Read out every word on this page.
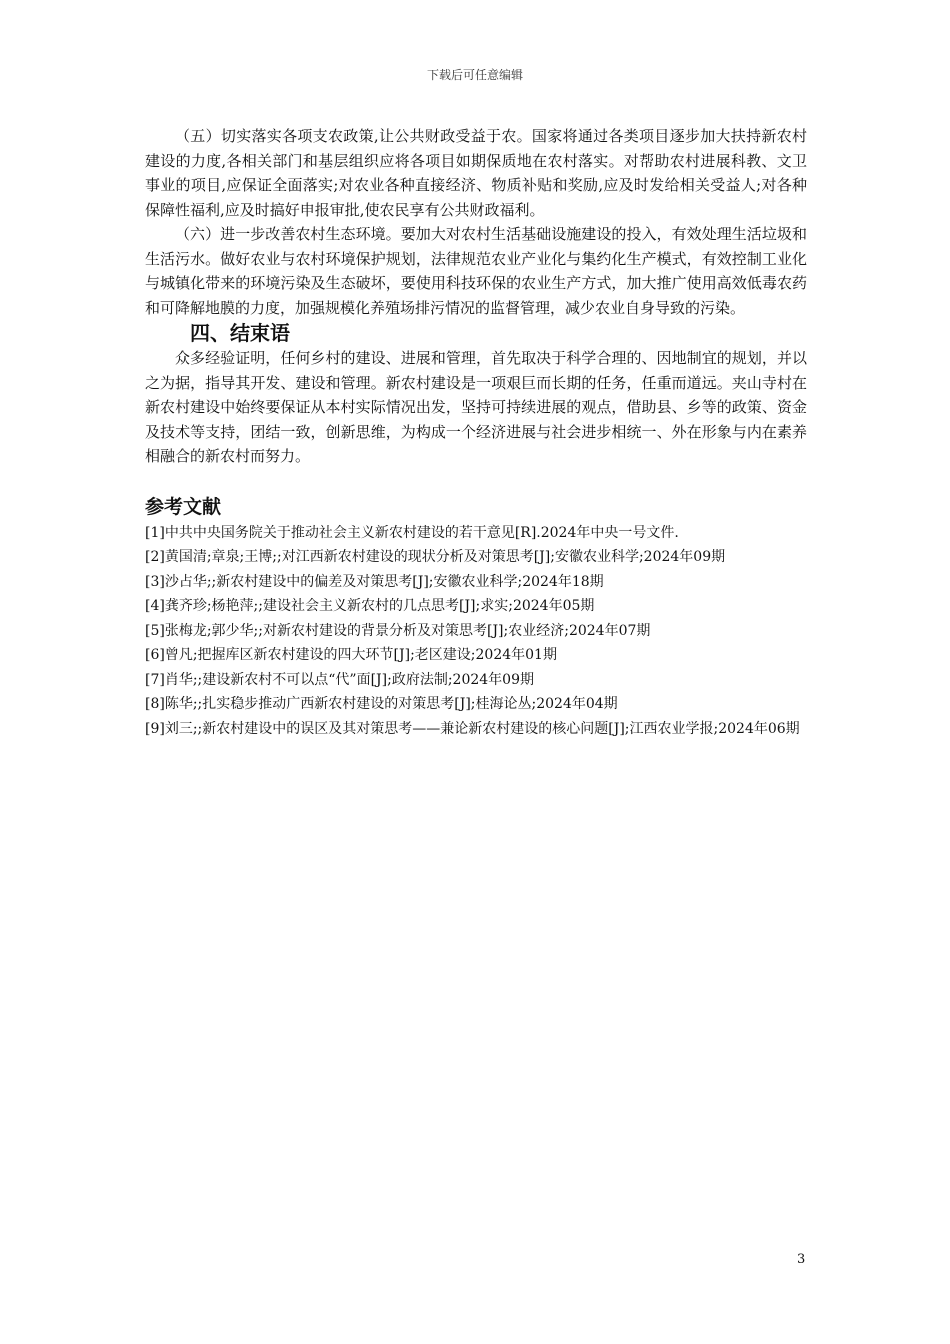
下载后可任意编辑

（五）切实落实各项支农政策,让公共财政受益于农。国家将通过各类项目逐步加大扶持新农村建设的力度,各相关部门和基层组织应将各项目如期保质地在农村落实。对帮助农村进展科教、文卫事业的项目,应保证全面落实;对农业各种直接经济、物质补贴和奖励,应及时发给相关受益人;对各种保障性福利,应及时搞好申报审批,使农民享有公共财政福利。

（六）进一步改善农村生态环境。要加大对农村生活基础设施建设的投入，有效处理生活垃圾和生活污水。做好农业与农村环境保护规划，法律规范农业产业化与集约化生产模式，有效控制工业化与城镇化带来的环境污染及生态破坏，要使用科技环保的农业生产方式，加大推广使用高效低毒农药和可降解地膜的力度，加强规模化养殖场排污情况的监督管理，减少农业自身导致的污染。

四、结束语

众多经验证明，任何乡村的建设、进展和管理，首先取决于科学合理的、因地制宜的规划，并以之为据，指导其开发、建设和管理。新农村建设是一项艰巨而长期的任务，任重而道远。夹山寺村在新农村建设中始终要保证从本村实际情况出发，坚持可持续进展的观点，借助县、乡等的政策、资金及技术等支持，团结一致，创新思维，为构成一个经济进展与社会进步相统一、外在形象与内在素养相融合的新农村而努力。

参考文献

[1]中共中央国务院关于推动社会主义新农村建设的若干意见[R].2024年中央一号文件.

[2]黄国清;章泉;王博;;对江西新农村建设的现状分析及对策思考[J];安徽农业科学;2024年09期

[3]沙占华;;新农村建设中的偏差及对策思考[J];安徽农业科学;2024年18期

[4]龚齐珍;杨艳萍;;建设社会主义新农村的几点思考[J];求实;2024年05期

[5]张梅龙;郭少华;;对新农村建设的背景分析及对策思考[J];农业经济;2024年07期

[6]曾凡;把握库区新农村建设的四大环节[J];老区建设;2024年01期

[7]肖华;;建设新农村不可以点“代”面[J];政府法制;2024年09期

[8]陈华;;扎实稳步推动广西新农村建设的对策思考[J];桂海论丛;2024年04期

[9]刘三;;新农村建设中的误区及其对策思考——兼论新农村建设的核心问题[J];江西农业学报;2024年06期

3
